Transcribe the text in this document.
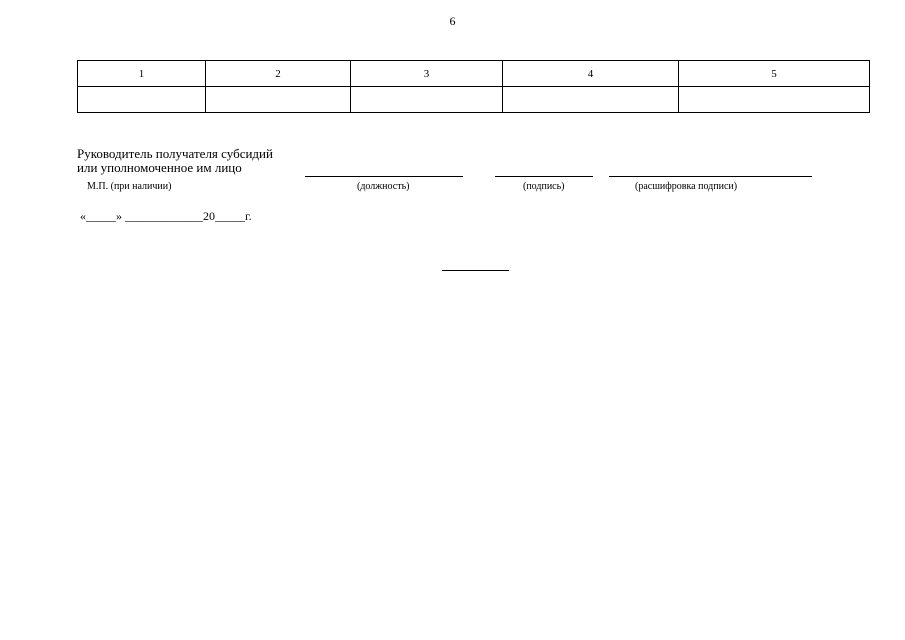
6
1	2	3	4	5

Руководитель получателя субсидий
или уполномоченное им лицо
М.П. (при наличии)	(должность)	(подпись)	(расшифровка подписи)
«_____» _____________20_____г.
